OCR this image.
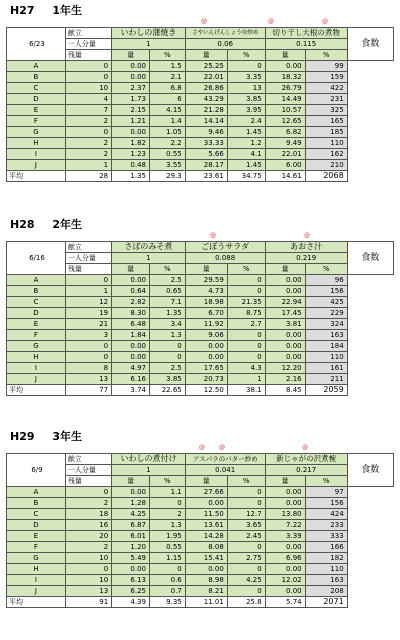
H27 1年生
@	@	@
6/23	献立	いわしの蒲焼き		さやいんげんしょうゆ炒め		切り干し大根の煮物		食数
	一人分量	1		0.06		0.115		
	残量	量	%	量	%	量	%	
A	0	0.00	1.5	25.25	0	0.00	99	
B	0	0.00	2.1	22.01	3.35	18.32	159	
C	10	2.37	6.8	26.86	13	26.79	422	
D	4	1.73	6	43.29	3.85	14.49	231	
E	7	2.15	4.15	21.28	3.95	10.57	325	
F	2	1.21	1.4	14.14	2.4	12.65	165	
G	0	0.00	1.05	9.46	1.45	6.82	185	
H	2	1.82	2.2	33.33	1.2	9.49	110	
I	2	1.23	0.55	5.66	4.1	22.01	162	
J	1	0.48	3.55	28.17	1.45	6.00	210	
平均	28	1.35	29.3	23.61	34.75	14.61	2068	
H28 2年生
@	@
6/16	献立	さばのみそ煮		ごぼうサラダ		あおさ汁		食数
	一人分量	1		0.088		0.219		
	残量	量	%	量	%	量	%	
A	0	0.00	2.5	29.59	0	0.00	96	
B	1	0.64	0.65	4.73	0	0.00	156	
C	12	2.82	7.1	18.98	21.35	22.94	425	
D	19	8.30	1.35	6.70	8.75	17.45	229	
E	21	6.48	3.4	11.92	2.7	3.81	324	
F	3	1.84	1.3	9.06	0	0.00	163	
G	0	0.00	0	0.00	0	0.00	184	
H	0	0.00	0	0.00	0	0.00	110	
I	8	4.97	2.5	17.65	4.3	12.20	161	
J	13	6.16	3.85	20.73	1	2.16	211	
平均	77	3.74	22.65	12.50	38.1	8.45	2059	
H29 3年生
@ @	@
6/9	献立	いわしの煮付け		アスパラのバター炒め		新じゃがの沢煮椀		食数
	一人分量	1		0.041		0.217		
	残量	量	%	量	%	量	%	
A	0	0.00	1.1	27.66	0	0.00	97	
B	2	1.28	0	0.00	0	0.00	156	
C	18	4.25	2	11.50	12.7	13.80	424	
D	16	6.87	1.3	13.61	3.65	7.22	233	
E	20	6.01	1.95	14.28	2.45	3.39	333	
F	2	1.20	0.55	8.08	0	0.00	166	
G	10	5.49	1.15	15.41	2.75	6.96	182	
H	0	0.00	0	0.00	0	0.00	110	
I	10	6.13	0.6	8.98	4.25	12.02	163	
J	13	6.25	0.7	8.21	0	0.00	208	
平均	91	4.39	9.35	11.01	25.8	5.74	2071	
